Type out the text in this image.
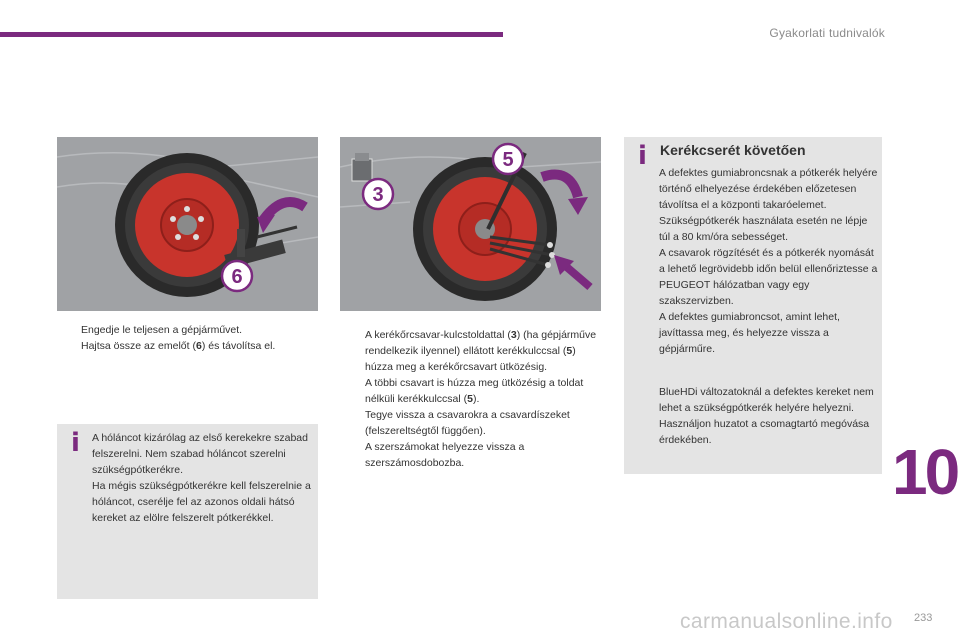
Gyakorlati tudnivalók
6
5
3
Engedje le teljesen a gépjárművet.
Hajtsa össze az emelőt (6) és távolítsa el.
i A hóláncot kizárólag az első kerekekre szabad felszerelni. Nem szabad hóláncot szerelni szükségpótkerékre.
Ha mégis szükségpótkerékre kell felszerelnie a hóláncot, cserélje fel az azonos oldali hátsó kereket az elölre felszerelt pótkerékkel.
A kerékőrcsavar-kulcstoldattal (3) (ha gépjárműve rendelkezik ilyennel) ellátott kerékkulccsal (5) húzza meg a kerékőrcsavart ütközésig.
A többi csavart is húzza meg ütközésig a toldat nélküli kerékkulccsal (5).
Tegye vissza a csavarokra a csavardíszeket (felszereltségtől függően).
A szerszámokat helyezze vissza a szerszámosdobozba.
i Kerékcserét követően
A defektes gumiabroncsnak a pótkerék helyére történő elhelyezése érdekében előzetesen távolítsa el a központi takaróelemet.
Szükségpótkerék használata esetén ne lépje túl a 80 km/óra sebességet.
A csavarok rögzítését és a pótkerék nyomását a lehető legrövidebb időn belül ellenőriztesse a PEUGEOT hálózatban vagy egy szakszervizben.
A defektes gumiabroncsot, amint lehet, javíttassa meg, és helyezze vissza a gépjárműre.
BlueHDi változatoknál a defektes kereket nem lehet a szükségpótkerék helyére helyezni.
Használjon huzatot a csomagtartó megóvása érdekében.	10
233
carmanualsonline.info
